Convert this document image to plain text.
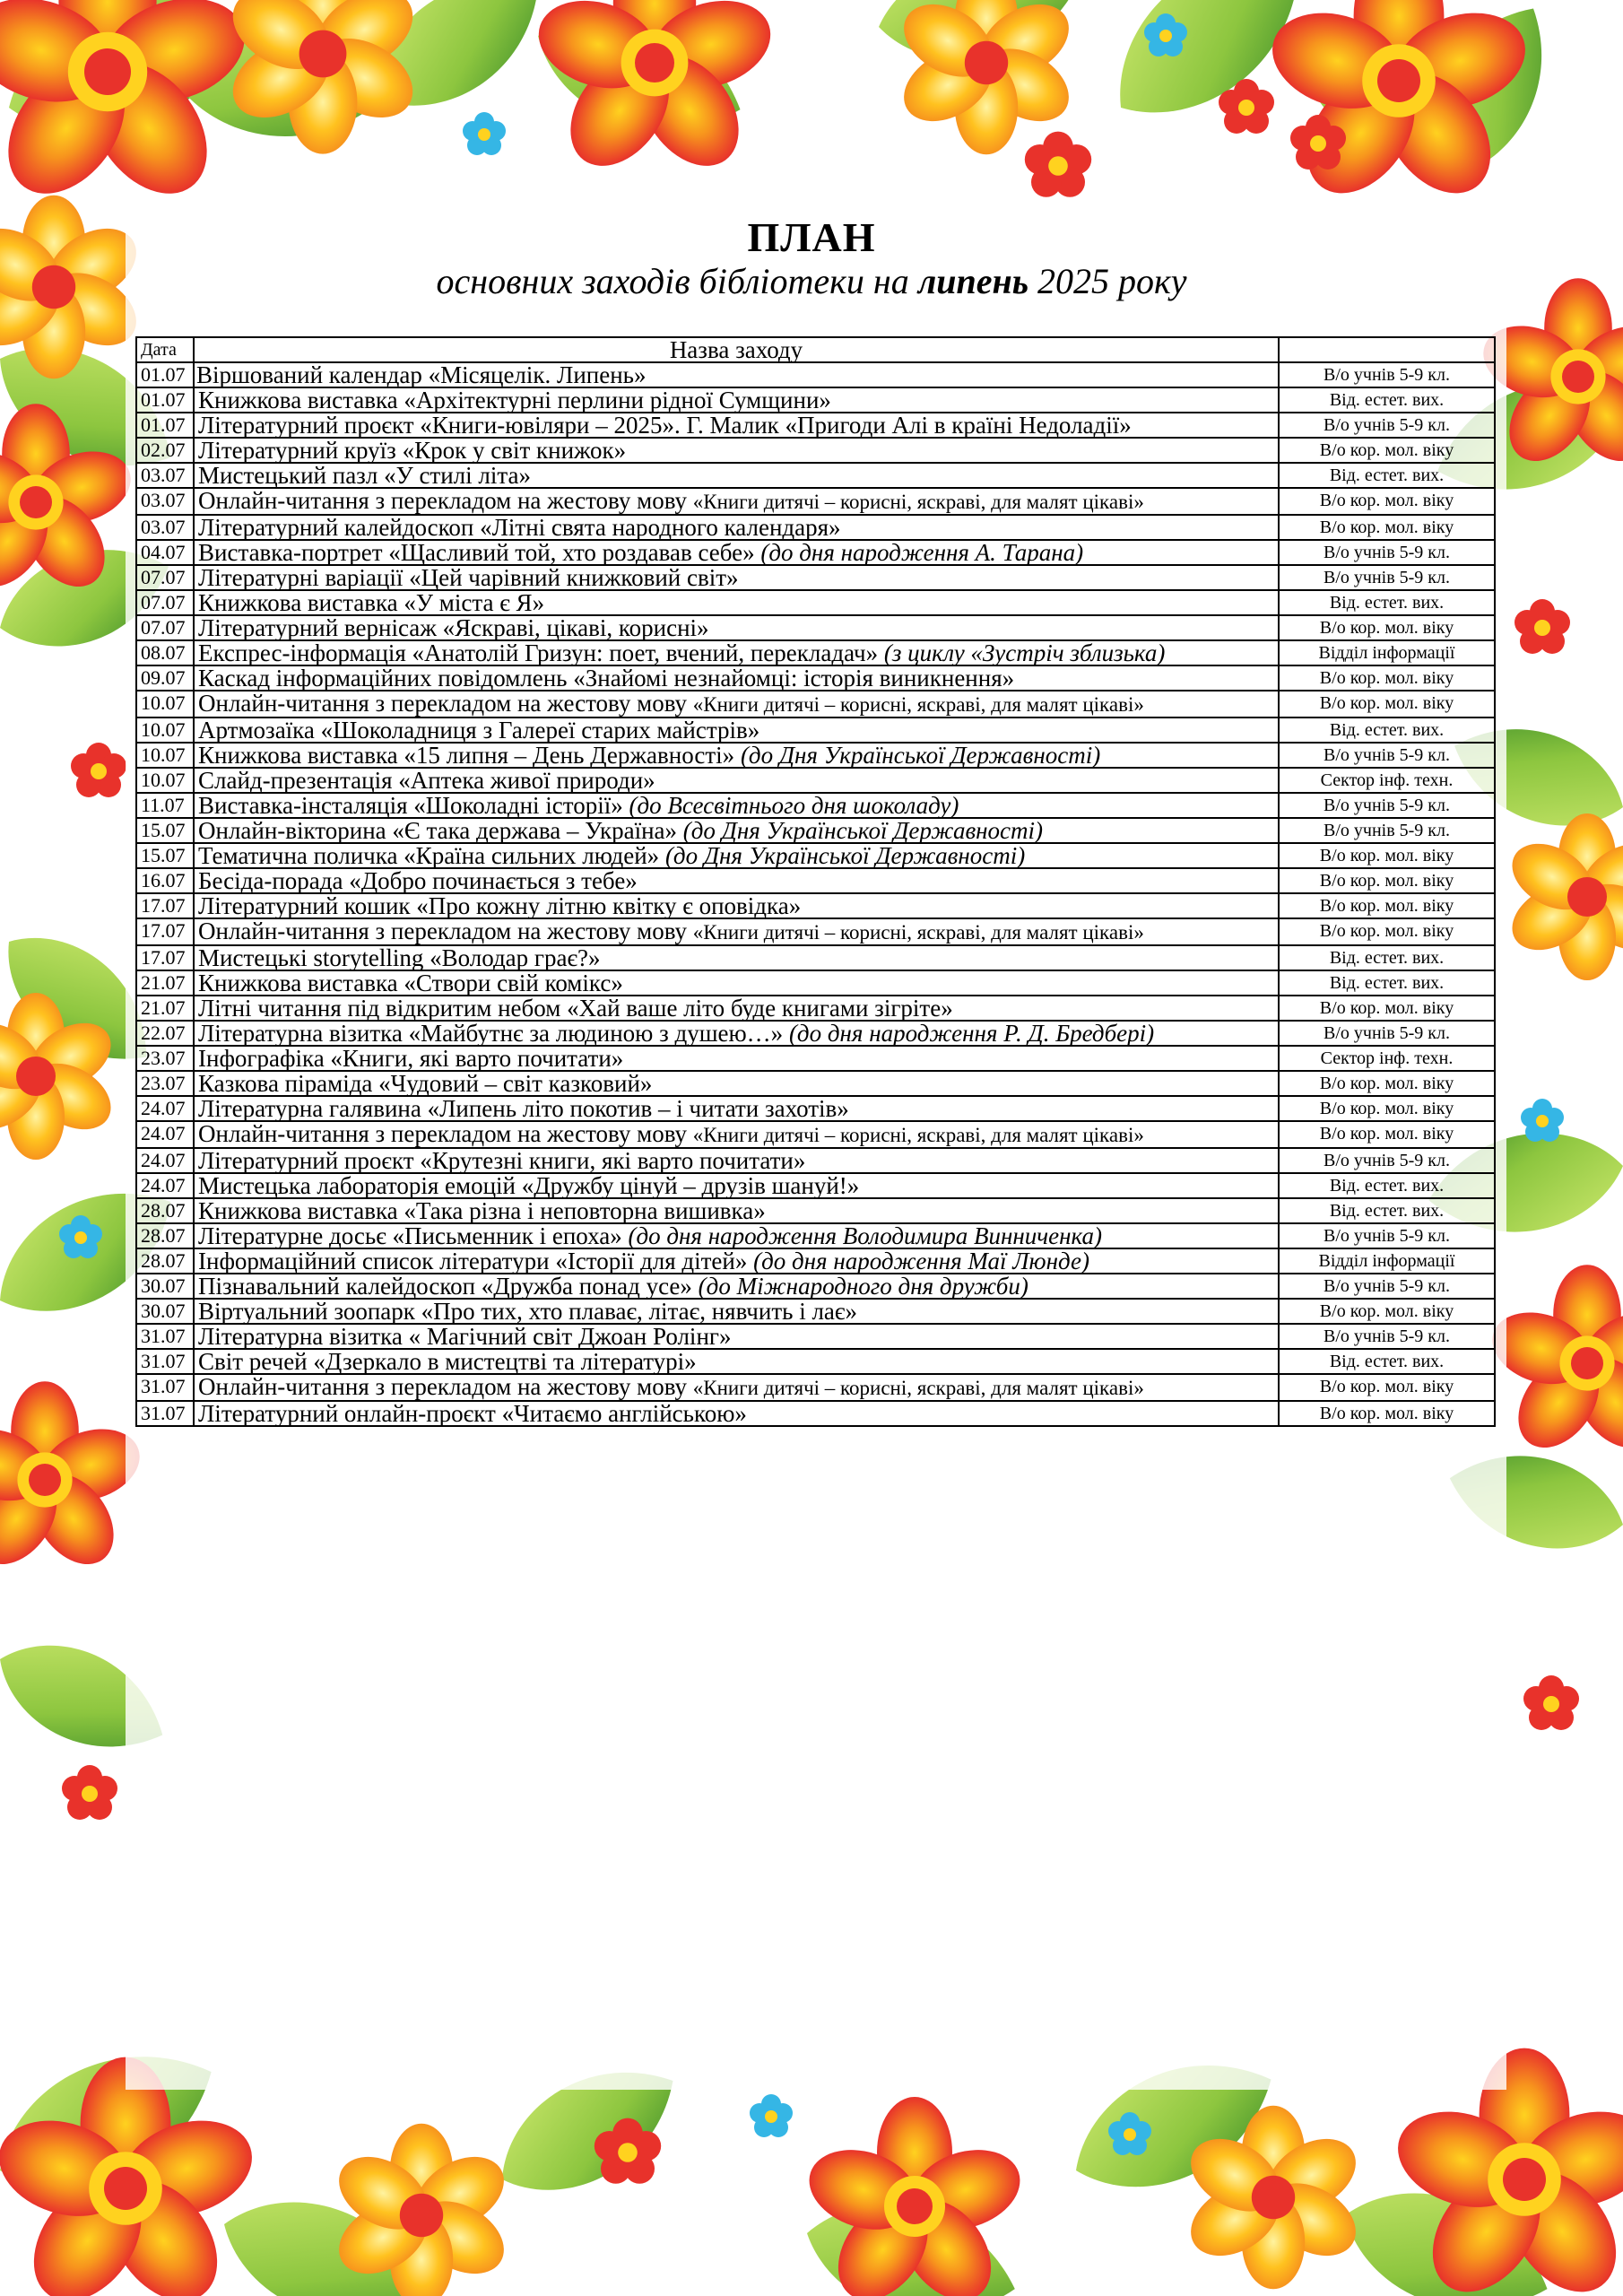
ПЛАН
основних заходів бібліотеки на липень 2025 року
Дата	Назва заходу	
01.07	Віршований календар «Місяцелік. Липень»	В/о учнів 5-9 кл.
01.07	Книжкова виставка «Архітектурні перлини рідної Сумщини»	Від. естет. вих.
01.07	Літературний проєкт «Книги-ювіляри – 2025». Г. Малик «Пригоди Алі в країні Недоладії»	В/о учнів 5-9 кл.
02.07	Літературний круїз «Крок у світ книжок»	В/о кор. мол. віку
03.07	Мистецький пазл «У стилі літа»	Від. естет. вих.
03.07	Онлайн-читання з перекладом на жестову мову «Книги дитячі – корисні, яскраві, для малят цікаві»	В/о кор. мол. віку
03.07	Літературний калейдоскоп «Літні свята народного календаря»	В/о кор. мол. віку
04.07	Виставка-портрет «Щасливий той, хто роздавав себе» (до дня народження А. Тарана)	В/о учнів 5-9 кл.
07.07	Літературні варіації «Цей чарівний книжковий світ»	В/о учнів 5-9 кл.
07.07	Книжкова виставка «У міста є Я»	Від. естет. вих.
07.07	Літературний вернісаж «Яскраві, цікаві, корисні»	В/о кор. мол. віку
08.07	Експрес-інформація «Анатолій Гризун: поет, вчений, перекладач» (з циклу «Зустріч зблизька)	Відділ інформації
09.07	Каскад інформаційних повідомлень «Знайомі незнайомці: історія виникнення»	В/о кор. мол. віку
10.07	Онлайн-читання з перекладом на жестову мову «Книги дитячі – корисні, яскраві, для малят цікаві»	В/о кор. мол. віку
10.07	Артмозаїка «Шоколадниця з Галереї старих майстрів»	Від. естет. вих.
10.07	Книжкова виставка «15 липня – День Державності» (до Дня Української Державності)	В/о учнів 5-9 кл.
10.07	Слайд-презентація «Аптека живої природи»	Сектор інф. техн.
11.07	Виставка-інсталяція «Шоколадні історії» (до Всесвітнього дня шоколаду)	В/о учнів 5-9 кл.
15.07	Онлайн-вікторина «Є така держава – Україна» (до Дня Української Державності)	В/о учнів 5-9 кл.
15.07	Тематична поличка «Країна сильних людей» (до Дня Української Державності)	В/о кор. мол. віку
16.07	Бесіда-порада «Добро починається з тебе»	В/о кор. мол. віку
17.07	Літературний кошик «Про кожну літню квітку є оповідка»	В/о кор. мол. віку
17.07	Онлайн-читання з перекладом на жестову мову «Книги дитячі – корисні, яскраві, для малят цікаві»	В/о кор. мол. віку
17.07	Мистецькі storytelling «Володар грає?»	Від. естет. вих.
21.07	Книжкова виставка «Створи свій комікс»	Від. естет. вих.
21.07	Літні читання під відкритим небом «Хай ваше літо буде книгами зігріте»	В/о кор. мол. віку
22.07	Літературна візитка «Майбутнє за людиною з душею…» (до дня народження Р. Д. Бредбері)	В/о учнів 5-9 кл.
23.07	Інфографіка «Книги, які варто почитати»	Сектор інф. техн.
23.07	Казкова піраміда «Чудовий – світ казковий»	В/о кор. мол. віку
24.07	Літературна галявина «Липень літо покотив – і читати захотів»	В/о кор. мол. віку
24.07	Онлайн-читання з перекладом на жестову мову «Книги дитячі – корисні, яскраві, для малят цікаві»	В/о кор. мол. віку
24.07	Літературний проєкт «Крутезні книги, які варто почитати»	В/о учнів 5-9 кл.
24.07	Мистецька лабораторія емоцій «Дружбу цінуй – друзів шануй!»	Від. естет. вих.
28.07	Книжкова виставка «Така різна і неповторна вишивка»	Від. естет. вих.
28.07	Літературне досьє «Письменник і епоха» (до дня народження Володимира Винниченка)	В/о учнів 5-9 кл.
28.07	Інформаційний список літератури «Історії для дітей» (до дня народження Маї Люнде)	Відділ інформації
30.07	Пізнавальний калейдоскоп «Дружба понад усе» (до Міжнародного дня дружби)	В/о учнів 5-9 кл.
30.07	Віртуальний зоопарк «Про тих, хто плаває, літає, нявчить і лає»	В/о кор. мол. віку
31.07	Літературна візитка « Магічний світ Джоан Ролінг»	В/о учнів 5-9 кл.
31.07	Світ речей «Дзеркало в мистецтві та літературі»	Від. естет. вих.
31.07	Онлайн-читання з перекладом на жестову мову «Книги дитячі – корисні, яскраві, для малят цікаві»	В/о кор. мол. віку
31.07	Літературний онлайн-проєкт «Читаємо англійською»	В/о кор. мол. віку
